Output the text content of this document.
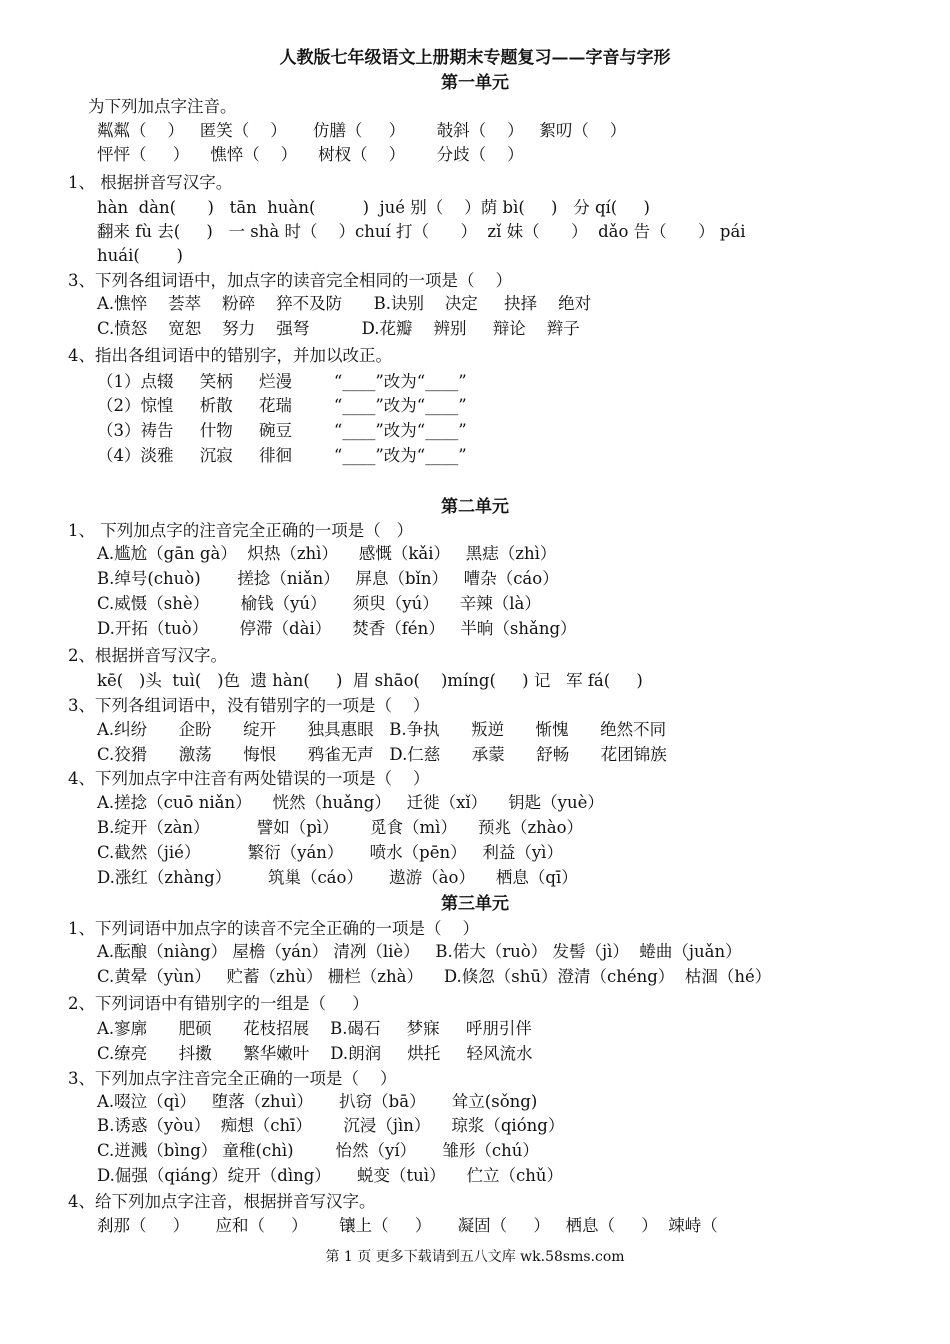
人教版七年级语文上册期末专题复习——字音与字形
第一单元
为下列加点字注音。
粼粼（    ）   匿笑（    ）     仿膳（     ）      攲斜（    ）   絮叨（    ）
怦怦（     ）    憔悴（    ）    树杈（    ）      分歧（    ）
1、 根据拼音写汉字。
hàn  dàn(      )   tān  huàn(         )  jué 别（    ）荫 bì(     )   分 qí(     )
翻来 fù 去(     )   一 shà 时（    ）chuí 打（      ）  zǐ 妹（      ）  dǎo 告（      ） pái
huái(       )
3、下列各组词语中，加点字的读音完全相同的一项是（    ）
A.憔悴    荟萃    粉碎    猝不及防      B.诀别    决定     抉择    绝对
C.愤怒    宽恕    努力    强弩          D.花瓣    辨别     辩论    辫子
4、指出各组词语中的错别字，并加以改正。
（1）点辍     笑柄     烂漫        “____”改为“____”
（2）惊惶     析散     花瑞        “____”改为“____”
（3）祷告     什物     碗豆        “____”改为“____”
（4）淡雅     沉寂     徘徊        “____”改为“____”
第二单元
1、 下列加点字的注音完全正确的一项是（   ）
A.尴尬（gān gà）  炽热（zhì）    感慨（kǎi）   黑痣（zhì）
B.绰号(chuò)       搓捻（niǎn）   屏息（bǐn）   嘈杂（cáo）
C.威慑（shè）      榆钱（yú）     须臾（yú）    辛辣（là）
D.开拓（tuò）      停滞（dài）    焚香（fén）   半晌（shǎng）
2、根据拼音写汉字。
kē(   )头  tuì(   )色  遗 hàn(     )  眉 shāo(    )míng(     ) 记   军 fá(     )
3、下列各组词语中，没有错别字的一项是（    ）
A.纠纷      企盼      绽开      独具惠眼   B.争执      叛逆      惭愧      绝然不同
C.狡猾      激荡      悔恨      鸦雀无声   D.仁慈      承蒙      舒畅      花团锦族
4、下列加点字中注音有两处错误的一项是（    ）
A.搓捻（cuō niǎn）    恍然（huǎng）   迁徙（xǐ）    钥匙（yuè）
B.绽开（zàn）         譬如（pì）      觅食（mì）    预兆（zhào）
C.截然（jié）         繁衍（yán）     喷水（pēn）   利益（yì）
D.涨红（zhàng）       筑巢（cáo）     遨游（ào）    栖息（qī）
第三单元
1、下列词语中加点字的读音不完全正确的一项是（    ）
A.酝酿（niàng） 屋檐（yán） 清冽（liè）   B.偌大（ruò） 发髻（jì）  蜷曲（juǎn）
C.黄晕（yùn）   贮蓄（zhù） 栅栏（zhà）    D.倏忽（shū）澄清（chéng）  枯涸（hé）
2、下列词语中有错别字的一组是（     ）
A.寥廓      肥硕      花枝招展    B.碣石     梦寐     呼朋引伴
C.缭亮      抖擞      繁华嫩叶    D.朗润     烘托     轻风流水
3、下列加点字注音完全正确的一项是（    ）
A.啜泣（qì）   堕落（zhuì）     扒窃（bā）     耸立(sǒng)
B.诱惑（yòu）  痴想（chī）      沉浸（jìn）    琼浆（qióng）
C.迸溅（bìng） 童稚(chì)        怡然（yí）     雏形（chú）
D.倔强（qiáng）绽开（dìng）     蜕变（tuì）    伫立（chǔ）
4、给下列加点字注音，根据拼音写汉字。
刹那（     ）     应和（     ）      镶上（     ）     凝固（     ）   栖息（     ）  竦峙（
第 1 页 更多下载请到五八文库 wk.58sms.com
